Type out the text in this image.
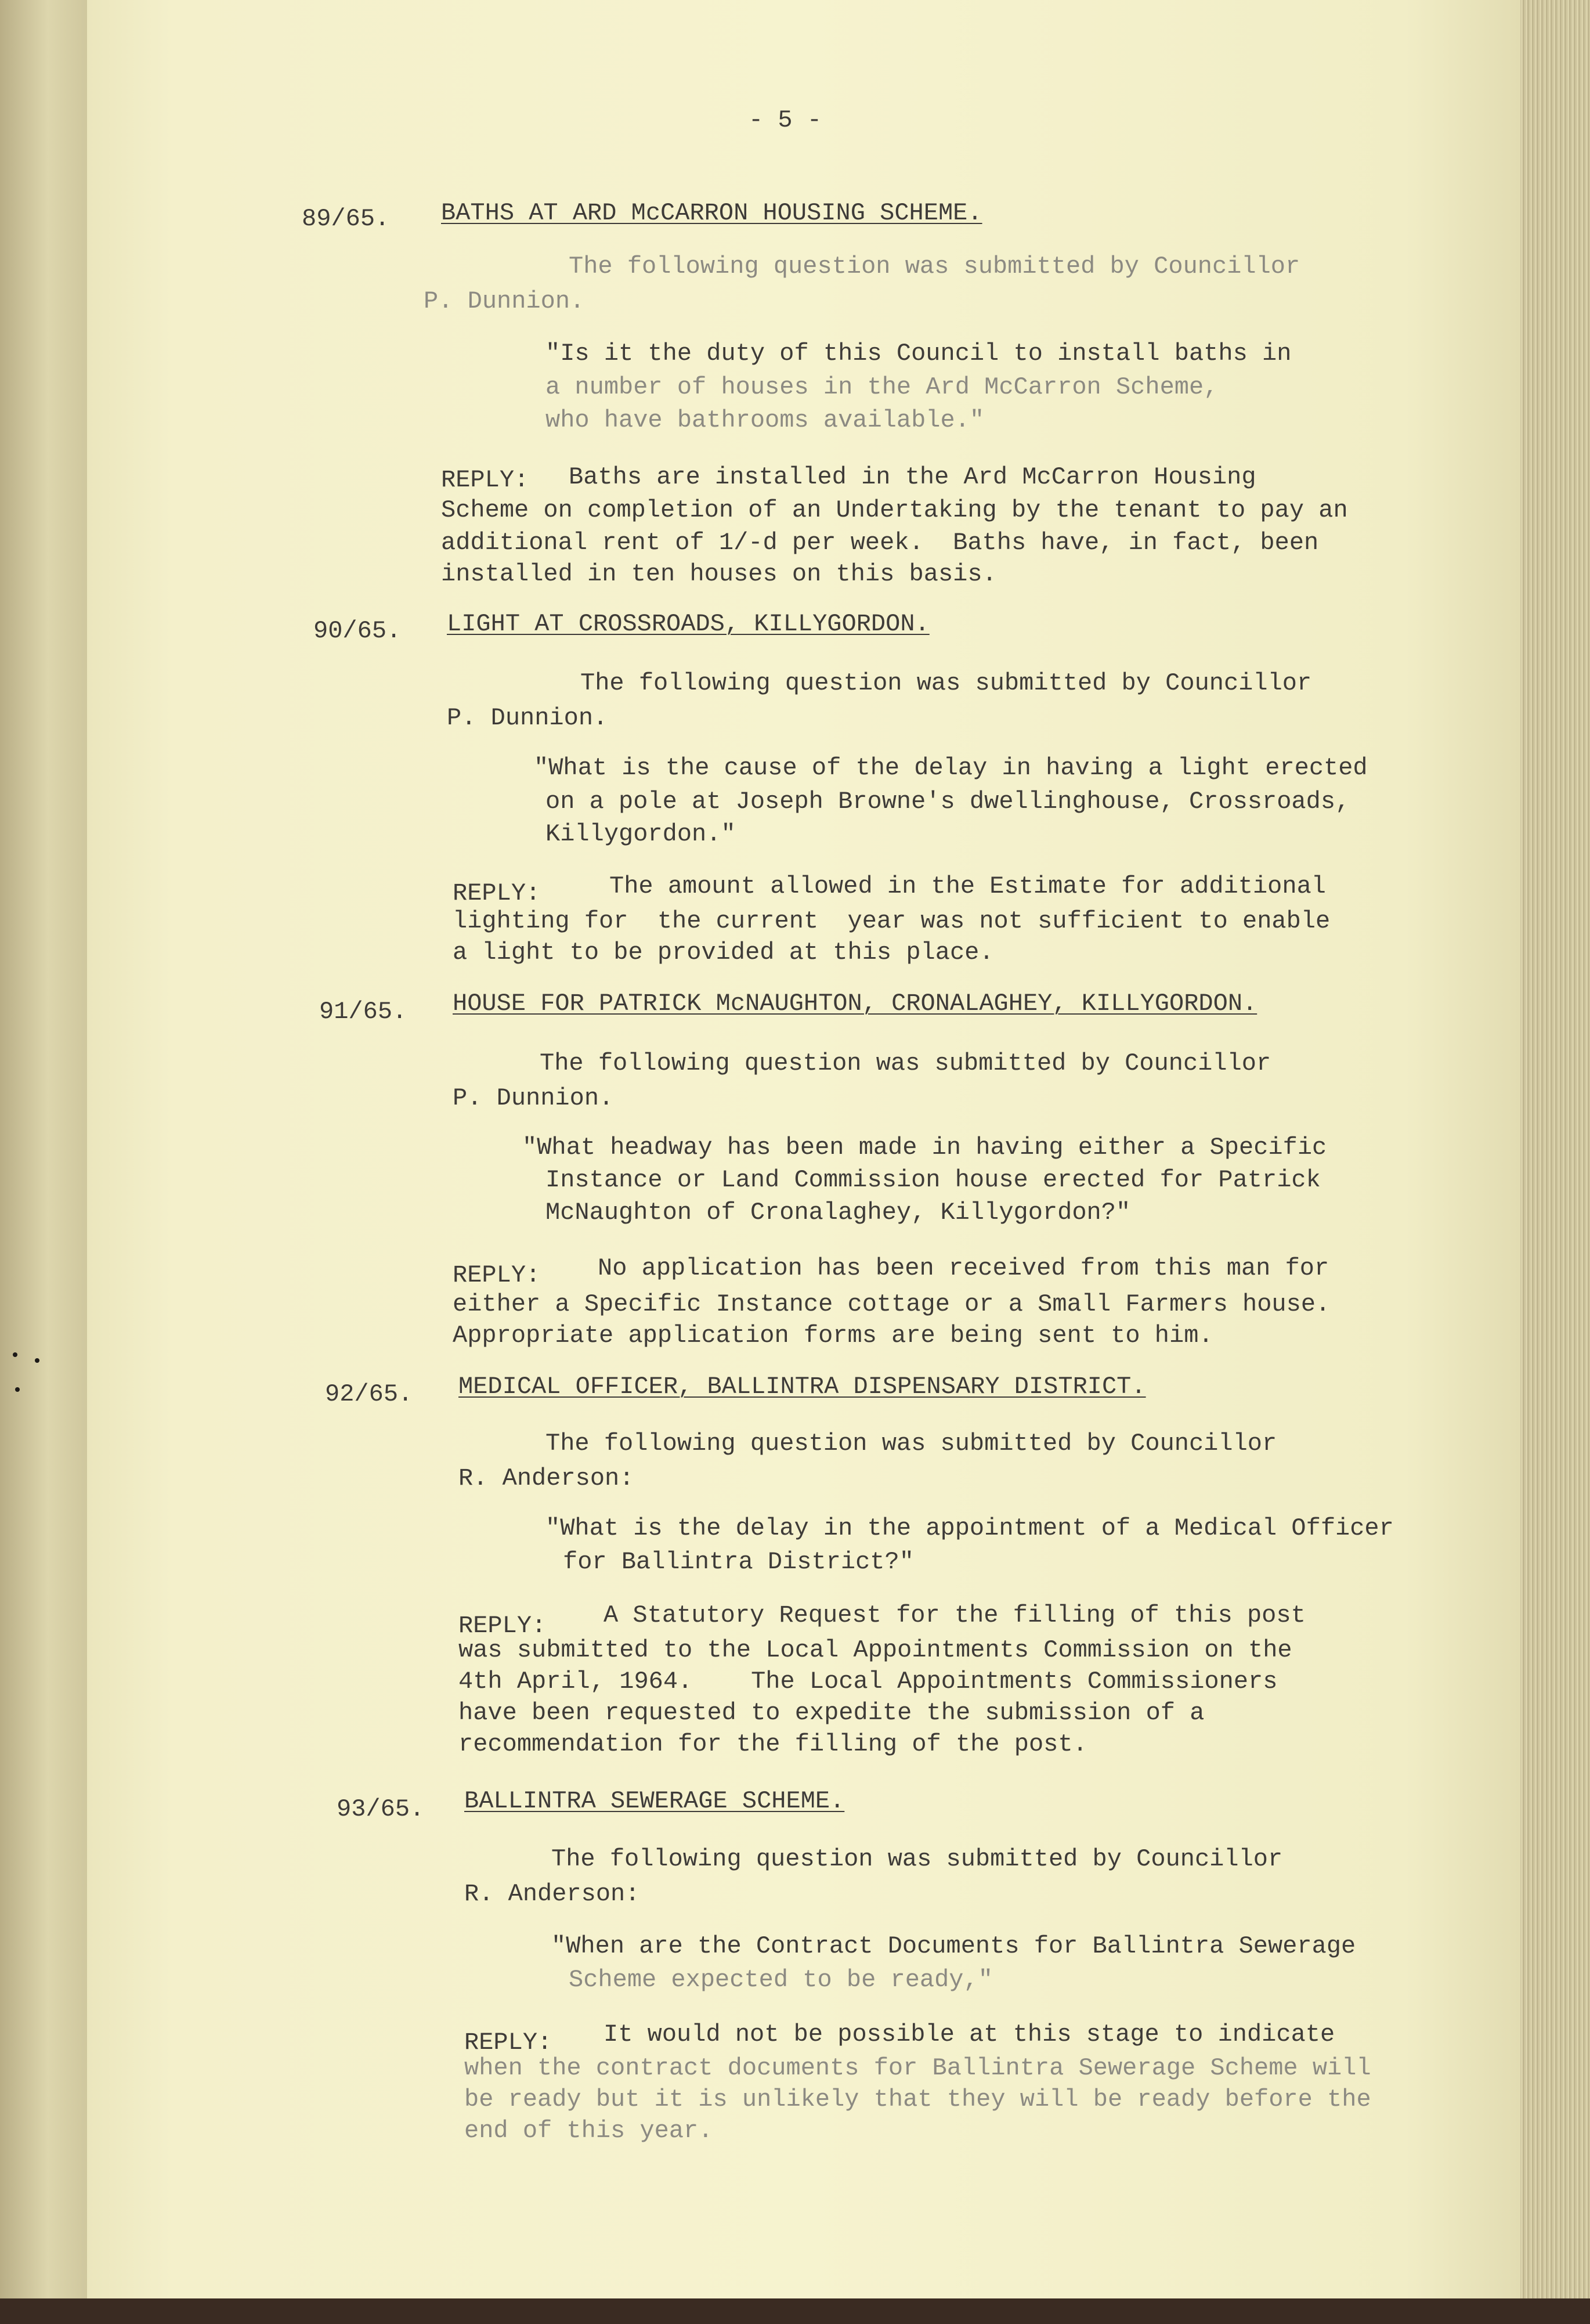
- 5 -
89/65. BATHS AT ARD McCARRON HOUSING SCHEME.
The following question was submitted by Councillor
P. Dunnion.
"Is it the duty of this Council to install baths in
a number of houses in the Ard McCarron Scheme,
who have bathrooms available."
REPLY: Baths are installed in the Ard McCarron Housing
Scheme on completion of an Undertaking by the tenant to pay an
additional rent of 1/-d per week.  Baths have, in fact, been
installed in ten houses on this basis.
90/65. LIGHT AT CROSSROADS, KILLYGORDON.
The following question was submitted by Councillor
P. Dunnion.
"What is the cause of the delay in having a light erected
on a pole at Joseph Browne's dwellinghouse, Crossroads,
Killygordon."
REPLY:	The amount allowed in the Estimate for additional
lighting for  the current  year was not sufficient to enable
a light to be provided at this place.
91/65. HOUSE FOR PATRICK McNAUGHTON, CRONALAGHEY, KILLYGORDON.
The following question was submitted by Councillor
P. Dunnion.
"What headway has been made in having either a Specific
Instance or Land Commission house erected for Patrick
McNaughton of Cronalaghey, Killygordon?"
REPLY: No application has been received from this man for
either a Specific Instance cottage or a Small Farmers house.
Appropriate application forms are being sent to him.
92/65. MEDICAL OFFICER, BALLINTRA DISPENSARY DISTRICT.
The following question was submitted by Councillor
R. Anderson:
"What is the delay in the appointment of a Medical Officer
for Ballintra District?"
REPLY: A Statutory Request for the filling of this post
was submitted to the Local Appointments Commission on the
4th April, 1964.    The Local Appointments Commissioners
have been requested to expedite the submission of a
recommendation for the filling of the post.
93/65. BALLINTRA SEWERAGE SCHEME.
The following question was submitted by Councillor
R. Anderson:
"When are the Contract Documents for Ballintra Sewerage
Scheme expected to be ready,"
REPLY: It would not be possible at this stage to indicate
when the contract documents for Ballintra Sewerage Scheme will
be ready but it is unlikely that they will be ready before the
end of this year.
